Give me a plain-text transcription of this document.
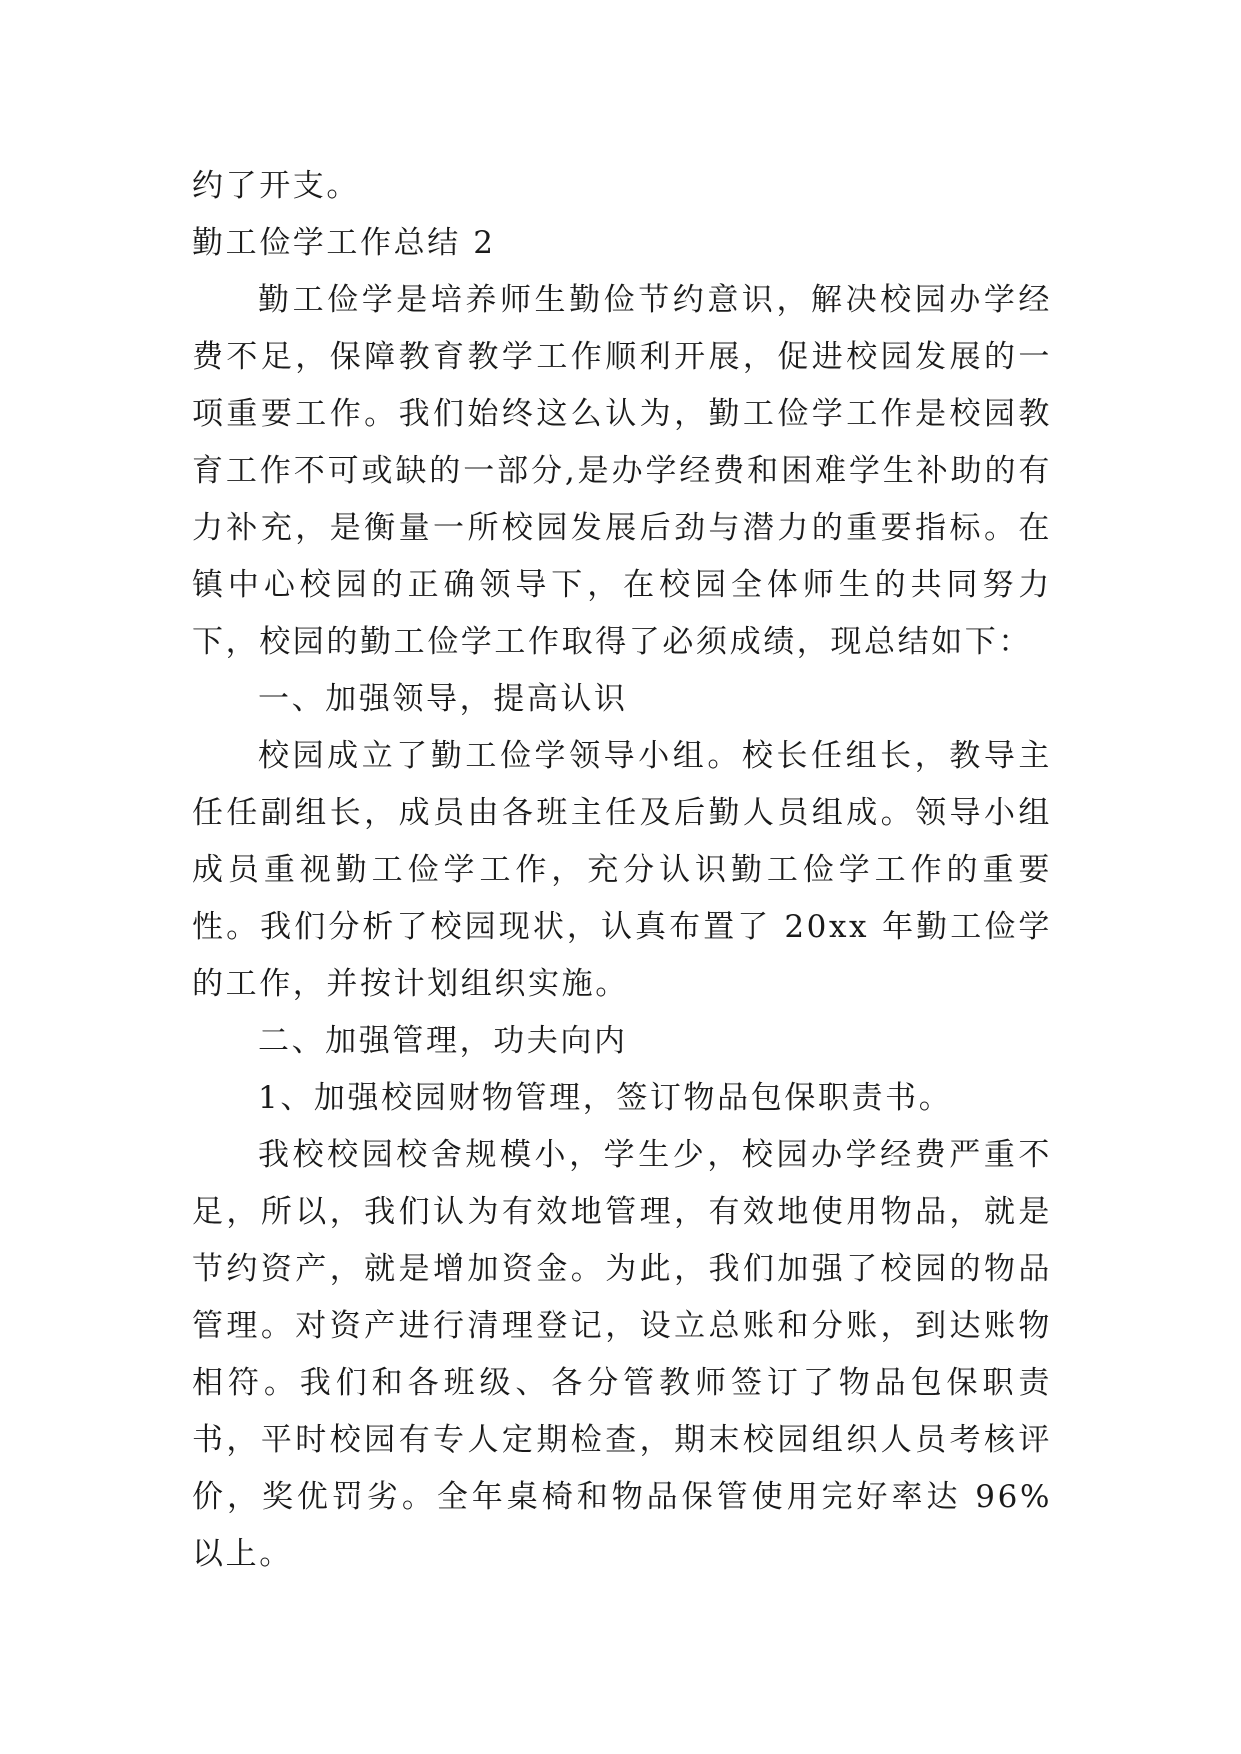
约了开支。

勤工俭学工作总结 2

勤工俭学是培养师生勤俭节约意识，解决校园办学经费不足，保障教育教学工作顺利开展，促进校园发展的一项重要工作。我们始终这么认为，勤工俭学工作是校园教育工作不可或缺的一部分,是办学经费和困难学生补助的有力补充，是衡量一所校园发展后劲与潜力的重要指标。在镇中心校园的正确领导下，在校园全体师生的共同努力下，校园的勤工俭学工作取得了必须成绩，现总结如下：

一、加强领导，提高认识

校园成立了勤工俭学领导小组。校长任组长，教导主任任副组长，成员由各班主任及后勤人员组成。领导小组成员重视勤工俭学工作，充分认识勤工俭学工作的重要性。我们分析了校园现状，认真布置了 20xx 年勤工俭学的工作，并按计划组织实施。

二、加强管理，功夫向内

1、加强校园财物管理，签订物品包保职责书。

我校校园校舍规模小，学生少，校园办学经费严重不足，所以，我们认为有效地管理，有效地使用物品，就是节约资产，就是增加资金。为此，我们加强了校园的物品管理。对资产进行清理登记，设立总账和分账，到达账物相符。我们和各班级、各分管教师签订了物品包保职责书，平时校园有专人定期检查，期末校园组织人员考核评价，奖优罚劣。全年桌椅和物品保管使用完好率达 96%以上。
